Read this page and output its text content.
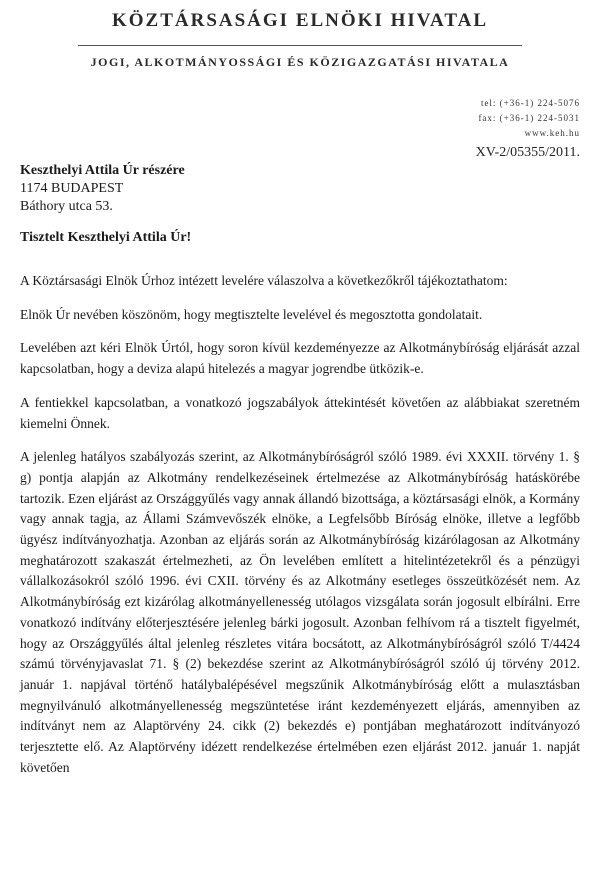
KÖZTÁRSASÁGI ELNÖKI HIVATAL
JOGI, ALKOTMÁNYOSSÁGI ÉS KÖZIGAZGATÁSI HIVATALA
tel: (+36-1) 224-5076
fax: (+36-1) 224-5031
www.keh.hu
XV-2/05355/2011.
Keszthelyi Attila Úr részére
1174 BUDAPEST
Báthory utca 53.
Tisztelt Keszthelyi Attila Úr!

A Köztársasági Elnök Úrhoz intézett levelére válaszolva a következőkről tájékoztathatom:

Elnök Úr nevében köszönöm, hogy megtisztelte levelével és megosztotta gondolatait.

Levelében azt kéri Elnök Úrtól, hogy soron kívül kezdeményezze az Alkotmánybíróság eljárását azzal kapcsolatban, hogy a deviza alapú hitelezés a magyar jogrendbe ütközik-e.

A fentiekkel kapcsolatban, a vonatkozó jogszabályok áttekintését követően az alábbiakat szeretném kiemelni Önnek.

A jelenleg hatályos szabályozás szerint, az Alkotmánybíróságról szóló 1989. évi XXXII. törvény 1. § g) pontja alapján az Alkotmány rendelkezéseinek értelmezése az Alkotmánybíróság hatáskörébe tartozik. Ezen eljárást az Országgyűlés vagy annak állandó bizottsága, a köztársasági elnök, a Kormány vagy annak tagja, az Állami Számvevőszék elnöke, a Legfelsőbb Bíróság elnöke, illetve a legfőbb ügyész indítványozhatja. Azonban az eljárás során az Alkotmánybíróság kizárólagosan az Alkotmány meghatározott szakaszát értelmezheti, az Ön levelében említett a hitelintézetekről és a pénzügyi vállalkozásokról szóló 1996. évi CXII. törvény és az Alkotmány esetleges összeütközését nem. Az Alkotmánybíróság ezt kizárólag alkotmányellenesség utólagos vizsgálata során jogosult elbírálni. Erre vonatkozó indítvány előterjesztésére jelenleg bárki jogosult. Azonban felhívom rá a tisztelt figyelmét, hogy az Országgyűlés által jelenleg részletes vitára bocsátott, az Alkotmánybíróságról szóló T/4424 számú törvényjavaslat 71. § (2) bekezdése szerint az Alkotmánybíróságról szóló új törvény 2012. január 1. napjával történő hatálybalépésével megszűnik Alkotmánybíróság előtt a mulasztásban megnyilvánuló alkotmányellenesség megszüntetése iránt kezdeményezett eljárás, amennyiben az indítványt nem az Alaptörvény 24. cikk (2) bekezdés e) pontjában meghatározott indítványozó terjesztette elő. Az Alaptörvény idézett rendelkezése értelmében ezen eljárást 2012. január 1. napját követően
